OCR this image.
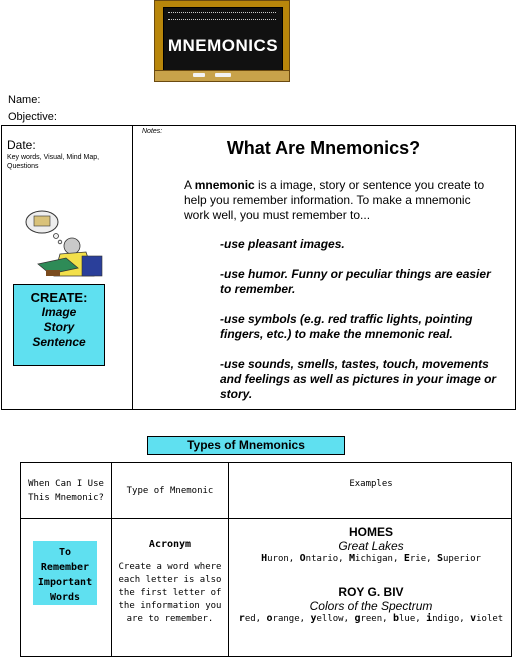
MNEMONICS
Name:
Objective:
Date:
Key words, Visual, Mind Map, Questions
CREATE:
Image
Story
Sentence
Notes:
What Are Mnemonics?
A mnemonic is a image, story or sentence you create to help you remember information. To make a mnemonic work well, you must remember to...
-use pleasant images.
-use humor. Funny or peculiar things are easier to remember.
-use symbols (e.g. red traffic lights, pointing fingers, etc.) to make the mnemonic real.
-use sounds, smells, tastes, touch, movements and feelings as well as pictures in your image or story.
Types of Mnemonics
When Can I Use This Mnemonic?
Type of Mnemonic
Examples
To Remember Important Words
Acronym
Create a word where each letter is also the first letter of the information you are to remember.
HOMES
Great Lakes
Huron, Ontario, Michigan, Erie, Superior
ROY G. BIV
Colors of the Spectrum
red, orange, yellow, green, blue, indigo, violet
